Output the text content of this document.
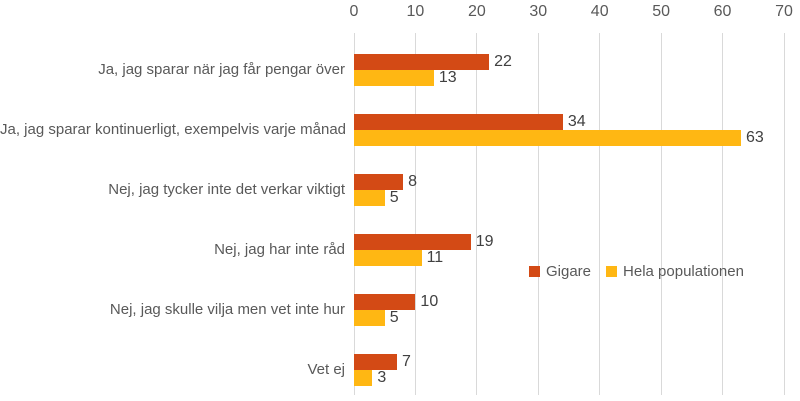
0	10	20	30	40	50	60	70
22
13
34
63
8
5
19
11
10
5
7
3
Ja, jag sparar när jag får pengar över
Ja, jag sparar kontinuerligt, exempelvis varje månad
Nej, jag tycker inte det verkar viktigt
Nej, jag har inte råd
Nej, jag skulle vilja men vet inte hur
Vet ej
Gigare Hela populationen
